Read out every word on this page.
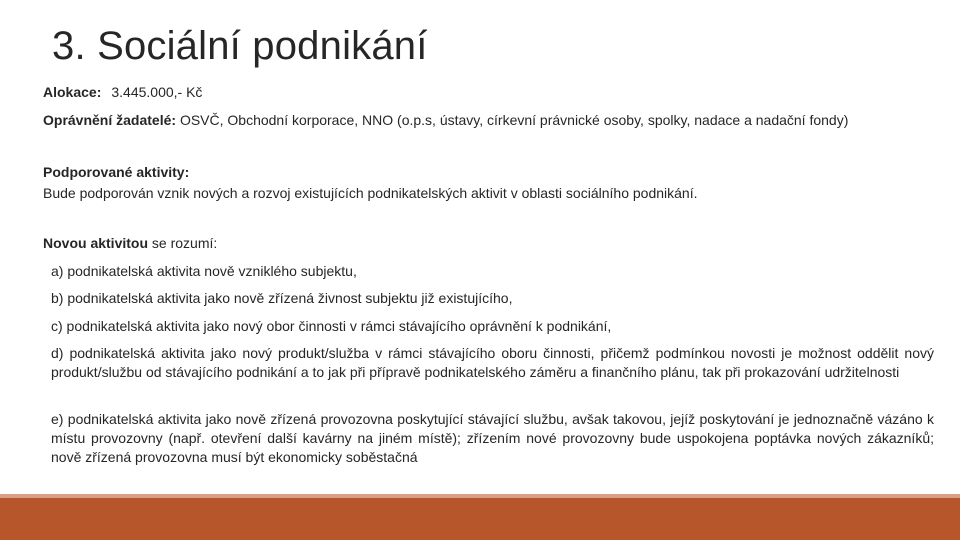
3. Sociální podnikání
Alokace: 3.445.000,- Kč
Oprávnění žadatelé: OSVČ, Obchodní korporace, NNO (o.p.s, ústavy, církevní právnické osoby, spolky, nadace a nadační fondy)
Podporované aktivity:
Bude podporován vznik nových a rozvoj existujících podnikatelských aktivit v oblasti sociálního podnikání.
Novou aktivitou se rozumí:
a) podnikatelská aktivita nově vzniklého subjektu,
b) podnikatelská aktivita jako nově zřízená živnost subjektu již existujícího,
c) podnikatelská aktivita jako nový obor činnosti v rámci stávajícího oprávnění k podnikání,
d) podnikatelská aktivita jako nový produkt/služba v rámci stávajícího oboru činnosti, přičemž podmínkou novosti je možnost oddělit nový produkt/službu od stávajícího podnikání a to jak při přípravě podnikatelského záměru a finančního plánu, tak při prokazování udržitelnosti
e) podnikatelská aktivita jako nově zřízená provozovna poskytující stávající službu, avšak takovou, jejíž poskytování je jednoznačně vázáno k místu provozovny (např. otevření další kavárny na jiném místě); zřízením nové provozovny bude uspokojena poptávka nových zákazníků; nově zřízená provozovna musí být ekonomicky soběstačná
